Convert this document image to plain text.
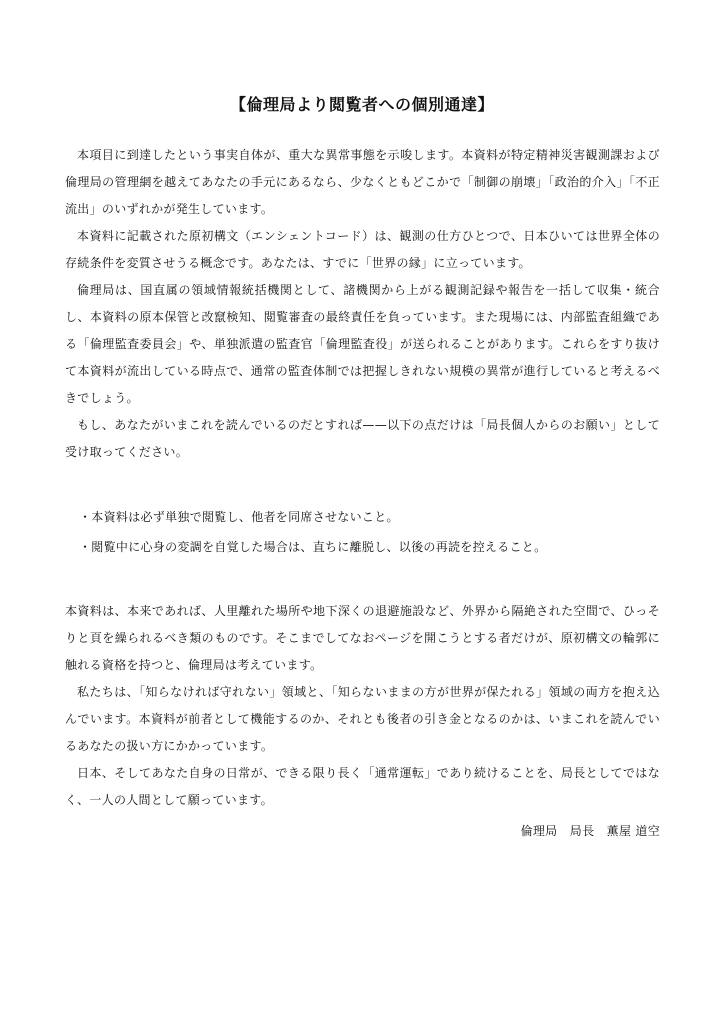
【倫理局より閲覧者への個別通達】

本項目に到達したという事実自体が、重大な異常事態を示唆します。本資料が特定精神災害観測課および倫理局の管理網を越えてあなたの手元にあるなら、少なくともどこかで「制御の崩壊」「政治的介入」「不正流出」のいずれかが発生しています。

本資料に記載された原初構文（エンシェントコード）は、観測の仕方ひとつで、日本ひいては世界全体の存続条件を変質させうる概念です。あなたは、すでに「世界の縁」に立っています。

倫理局は、国直属の領域情報統括機関として、諸機関から上がる観測記録や報告を一括して収集・統合し、本資料の原本保管と改竄検知、閲覧審査の最終責任を負っています。また現場には、内部監査組織である「倫理監査委員会」や、単独派遣の監査官「倫理監査役」が送られることがあります。これらをすり抜けて本資料が流出している時点で、通常の監査体制では把握しきれない規模の異常が進行していると考えるべきでしょう。

もし、あなたがいまこれを読んでいるのだとすれば——以下の点だけは「局長個人からのお願い」として受け取ってください。

・本資料は必ず単独で閲覧し、他者を同席させないこと。
・閲覧中に心身の変調を自覚した場合は、直ちに離脱し、以後の再読を控えること。

本資料は、本来であれば、人里離れた場所や地下深くの退避施設など、外界から隔絶された空間で、ひっそりと頁を繰られるべき類のものです。そこまでしてなおページを開こうとする者だけが、原初構文の輪郭に触れる資格を持つと、倫理局は考えています。

私たちは、「知らなければ守れない」領域と、「知らないままの方が世界が保たれる」領域の両方を抱え込んでいます。本資料が前者として機能するのか、それとも後者の引き金となるのかは、いまこれを読んでいるあなたの扱い方にかかっています。

日本、そしてあなた自身の日常が、できる限り長く「通常運転」であり続けることを、局長としてではなく、一人の人間として願っています。

倫理局　局長　薫屋 道空
